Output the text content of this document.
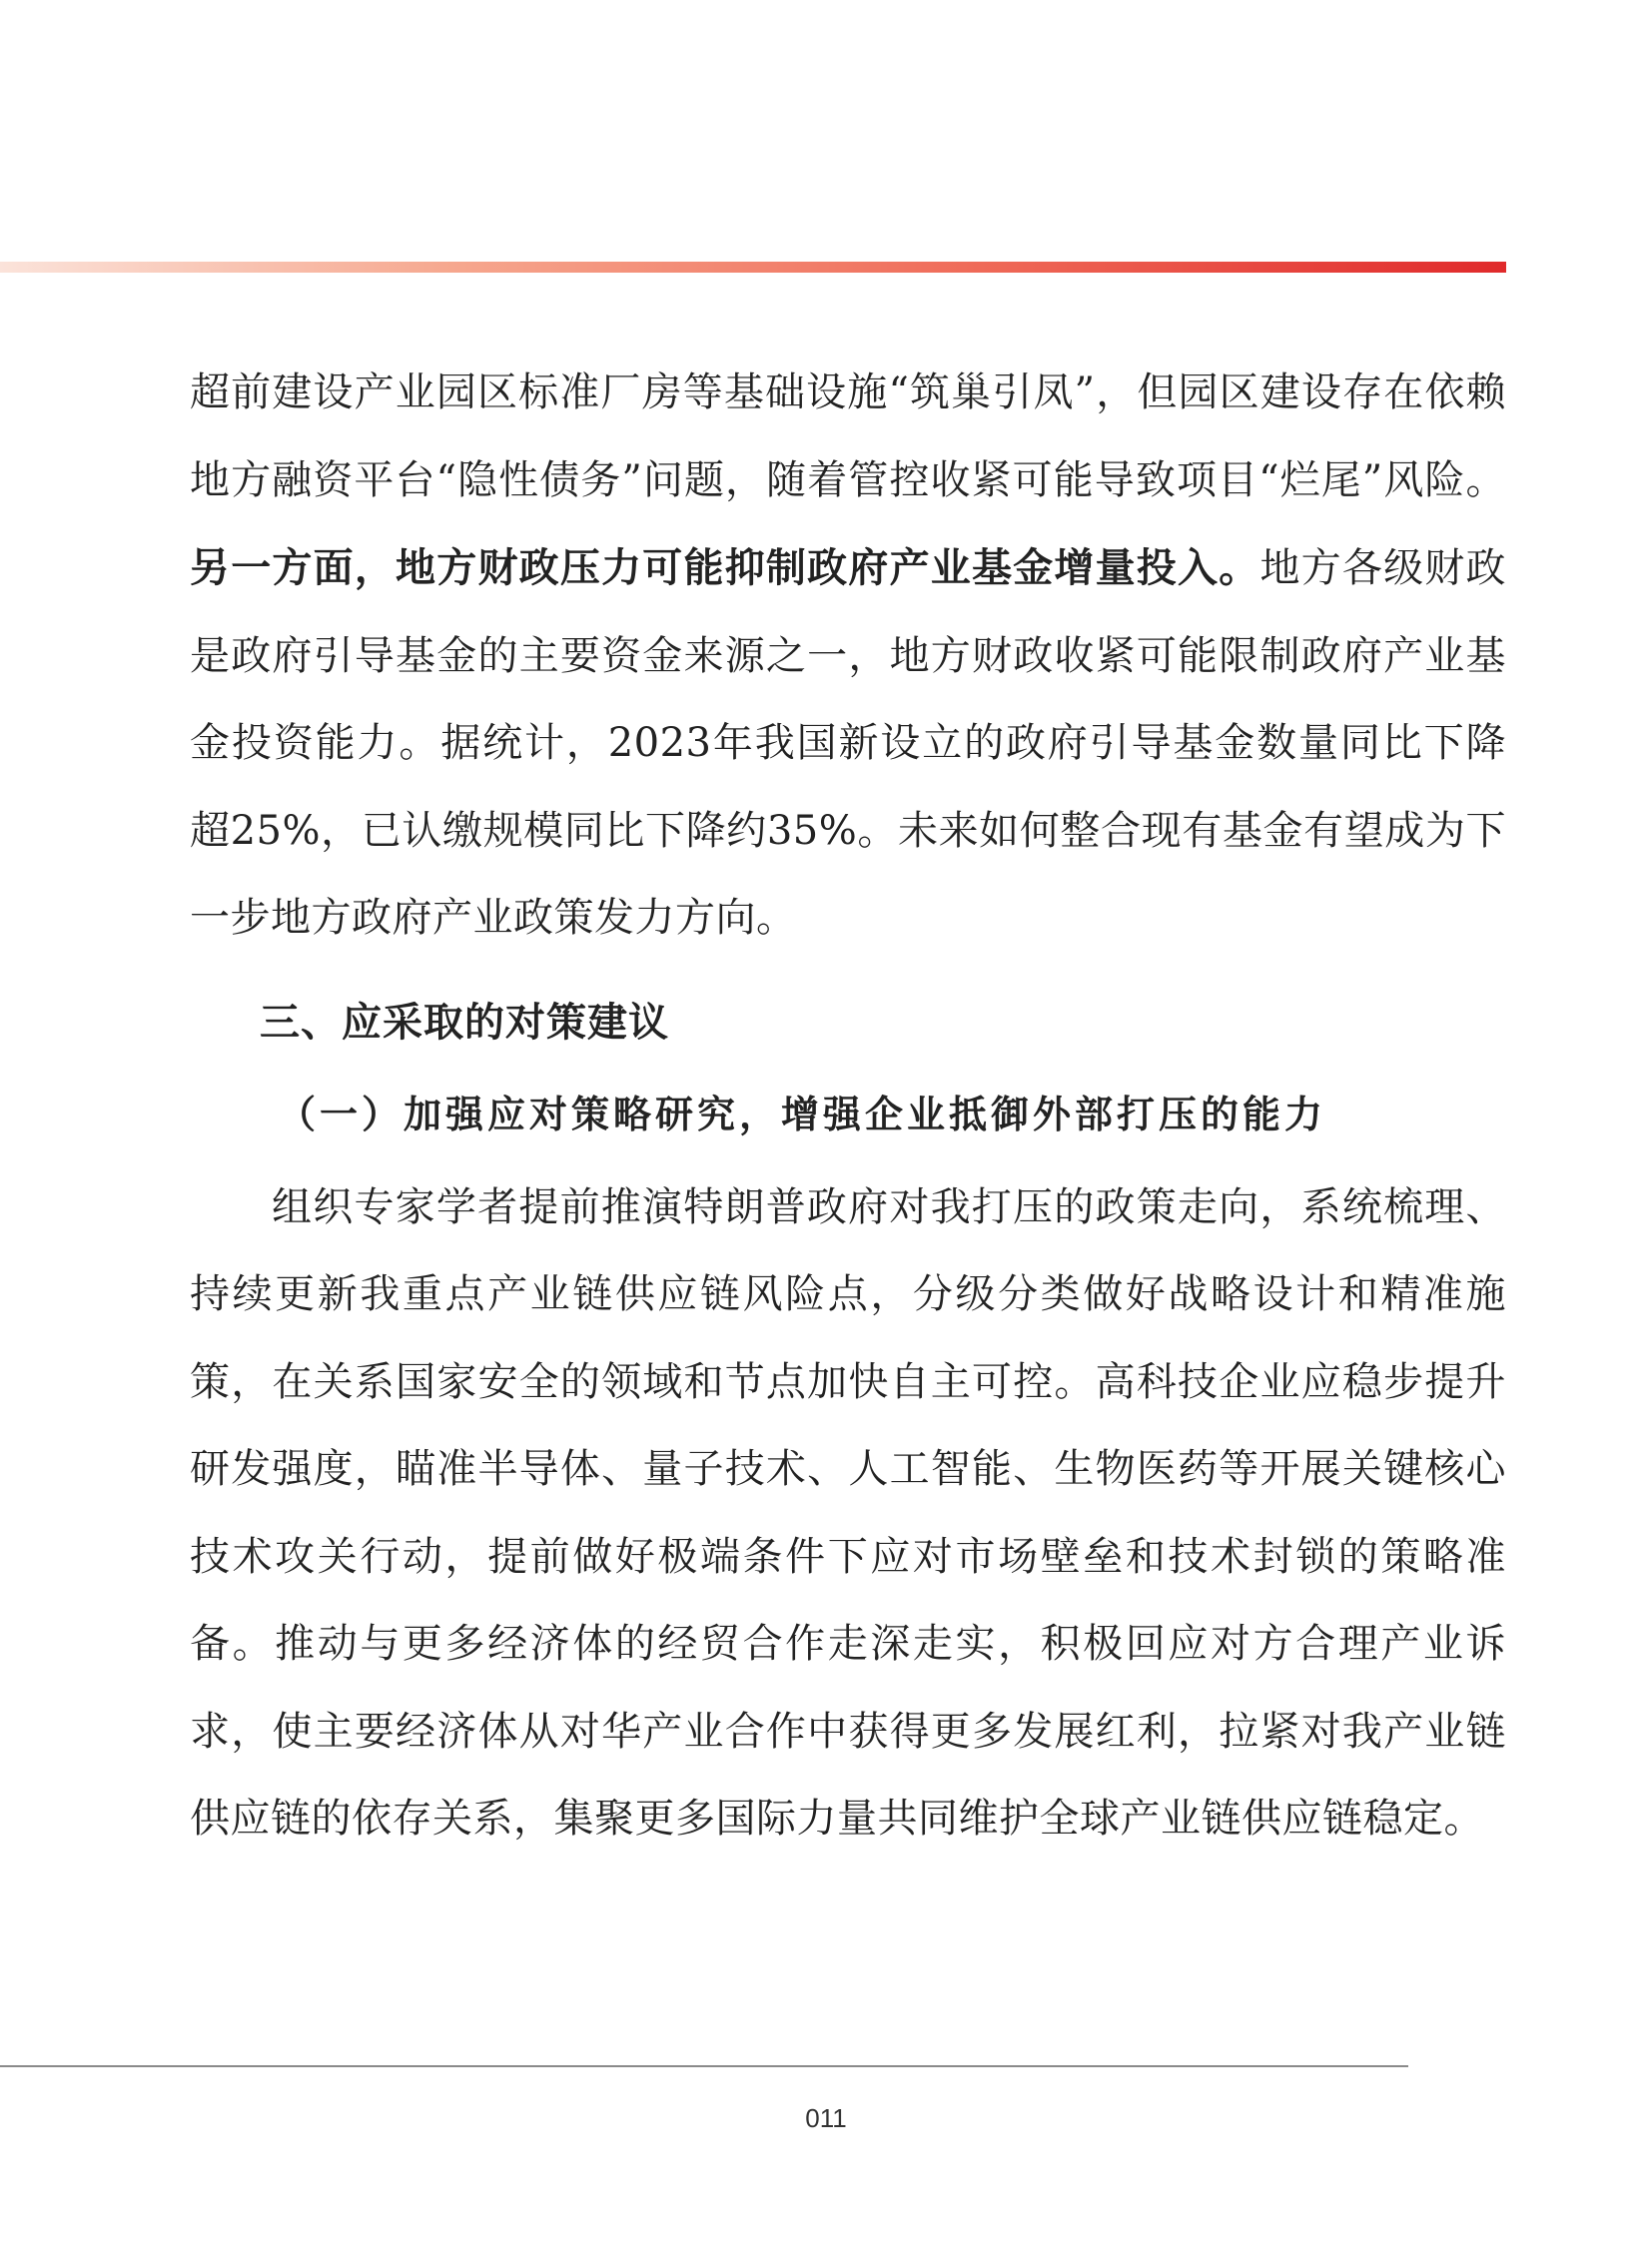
超前建设产业园区标准厂房等基础设施“筑巢引凤”，但园区建设存在依赖地方融资平台“隐性债务”问题，随着管控收紧可能导致项目“烂尾”风险。另一方面，地方财政压力可能抑制政府产业基金增量投入。地方各级财政是政府引导基金的主要资金来源之一，地方财政收紧可能限制政府产业基金投资能力。据统计，2023年我国新设立的政府引导基金数量同比下降超25%，已认缴规模同比下降约35%。未来如何整合现有基金有望成为下一步地方政府产业政策发力方向。

三、应采取的对策建议
（一）加强应对策略研究，增强企业抵御外部打压的能力

组织专家学者提前推演特朗普政府对我打压的政策走向，系统梳理、持续更新我重点产业链供应链风险点，分级分类做好战略设计和精准施策，在关系国家安全的领域和节点加快自主可控。高科技企业应稳步提升研发强度，瞄准半导体、量子技术、人工智能、生物医药等开展关键核心技术攻关行动，提前做好极端条件下应对市场壁垒和技术封锁的策略准备。推动与更多经济体的经贸合作走深走实，积极回应对方合理产业诉求，使主要经济体从对华产业合作中获得更多发展红利，拉紧对我产业链供应链的依存关系，集聚更多国际力量共同维护全球产业链供应链稳定。

011
